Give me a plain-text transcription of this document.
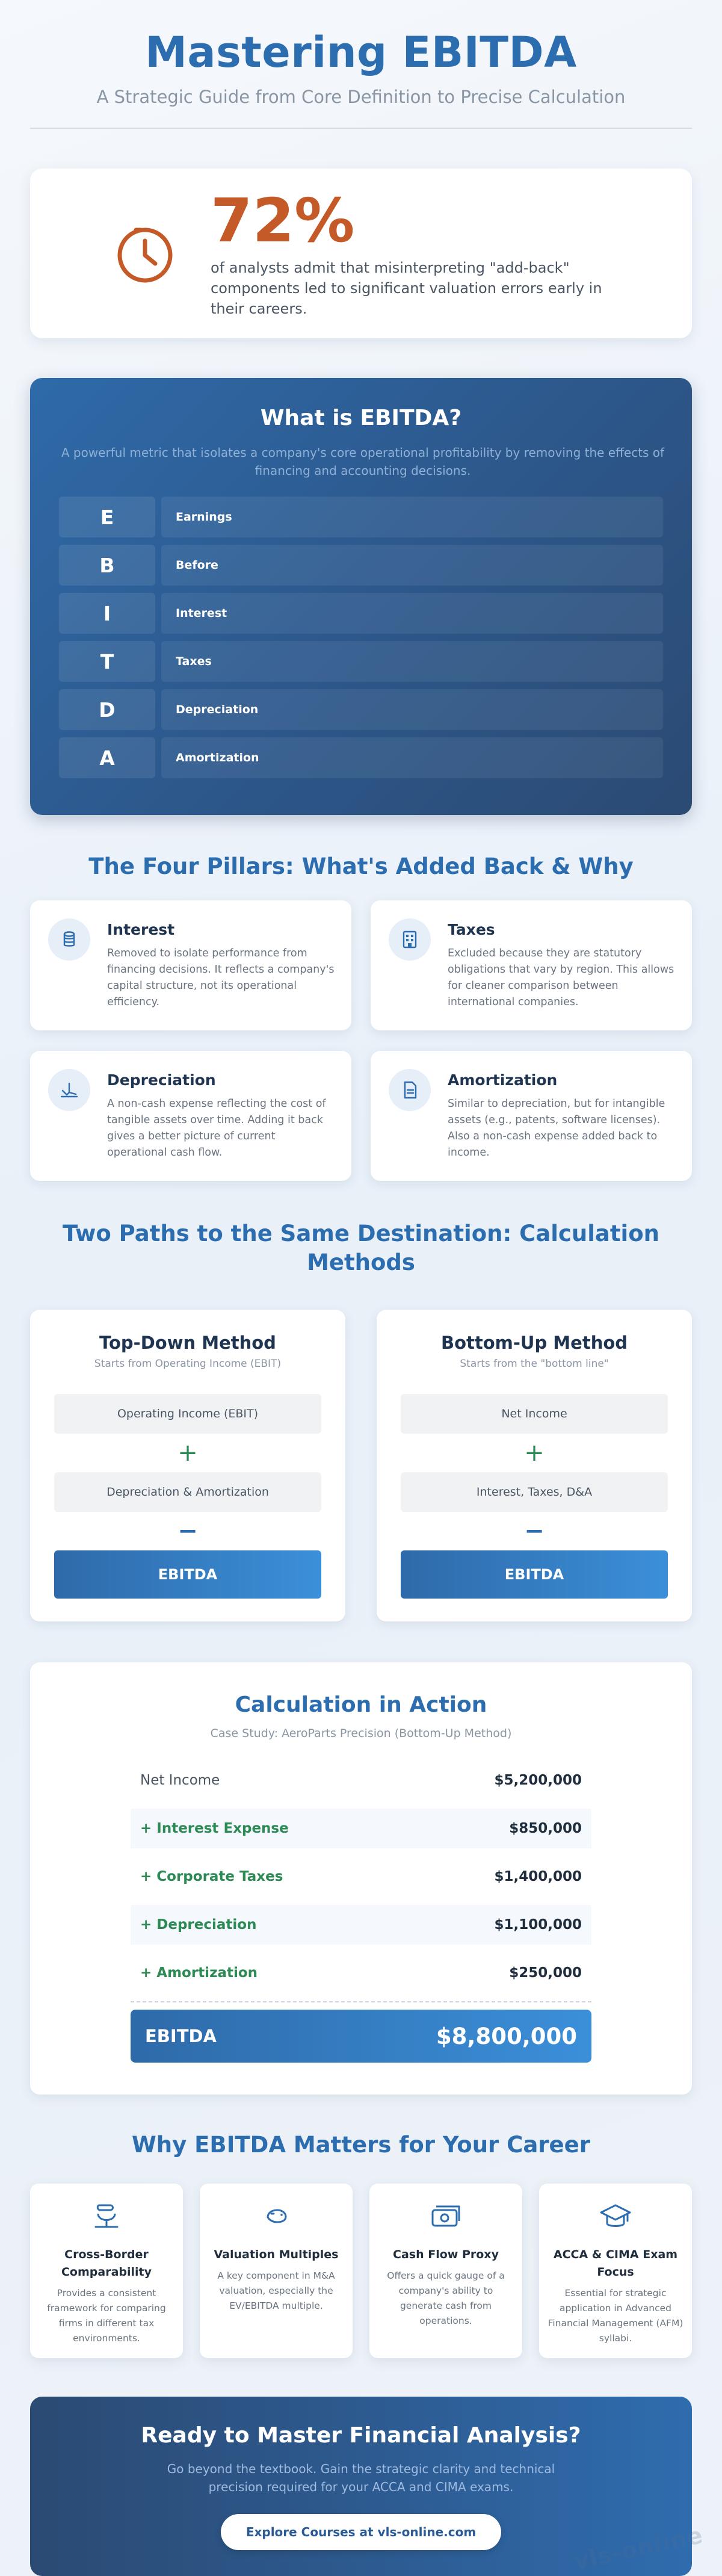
Mastering EBITDA

A Strategic Guide from Core Definition to Precise Calculation

72%
of analysts admit that misinterpreting "add-back" components led to significant valuation errors early in their careers.
What is EBITDA?
A powerful metric that isolates a company's core operational profitability by removing the effects of financing and accounting decisions.
E	Earnings
B	Before
I	Interest
T	Taxes
D	Depreciation
A	Amortization
The Four Pillars: What's Added Back & Why
Interest

Removed to isolate performance from financing decisions. It reflects a company's capital structure, not its operational efficiency.

Taxes

Excluded because they are statutory obligations that vary by region. This allows for cleaner comparison between international companies.

Depreciation

A non-cash expense reflecting the cost of tangible assets over time. Adding it back gives a better picture of current operational cash flow.

Amortization

Similar to depreciation, but for intangible assets (e.g., patents, software licenses). Also a non-cash expense added back to income.

Two Paths to the Same Destination: Calculation Methods
Top-Down Method
Starts from Operating Income (EBIT)
Operating Income (EBIT)
+
Depreciation & Amortization
−
EBITDA
Bottom-Up Method
Starts from the "bottom line"
Net Income
+
Interest, Taxes, D&A
−
EBITDA
Calculation in Action
Case Study: AeroParts Precision (Bottom-Up Method)
Net Income	$5,200,000
+ Interest Expense	$850,000
+ Corporate Taxes	$1,400,000
+ Depreciation	$1,100,000
+ Amortization	$250,000
EBITDA	$8,800,000
Why EBITDA Matters for Your Career
Cross-Border Comparability

Provides a consistent framework for comparing firms in different tax environments.

Valuation Multiples

A key component in M&A valuation, especially the EV/EBITDA multiple.

Cash Flow Proxy

Offers a quick gauge of a company's ability to generate cash from operations.

ACCA & CIMA Exam Focus

Essential for strategic application in Advanced Financial Management (AFM) syllabi.

Ready to Master Financial Analysis?

Go beyond the textbook. Gain the strategic clarity and technical precision required for your ACCA and CIMA exams.

Explore Courses at vls-online.com	vls-online
